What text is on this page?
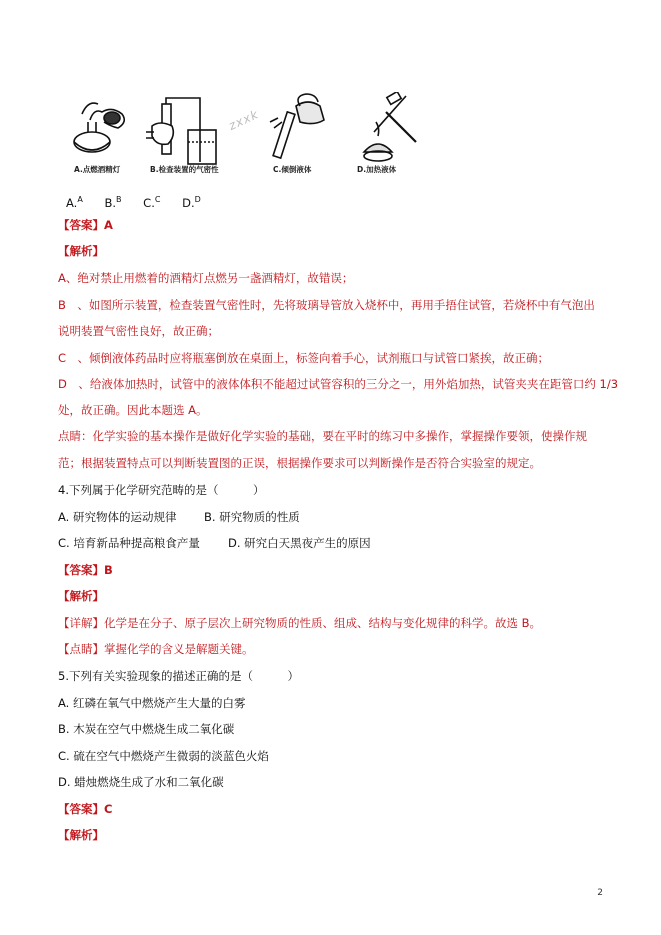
zxxk
A.点燃酒精灯	B.检查装置的气密性	C.倾倒液体	D.加热液体
A.$^A$ B.$^B$ C.$^C$ D.$^D$
【答案】A
【解析】
A、绝对禁止用燃着的酒精灯点燃另一盏酒精灯，故错误；
B　、如图所示装置，检查装置气密性时，先将玻璃导管放入烧杯中，再用手捂住试管，若烧杯中有气泡出
说明装置气密性良好，故正确；
C　、倾倒液体药品时应将瓶塞倒放在桌面上，标签向着手心，试剂瓶口与试管口紧挨，故正确；
D　、给液体加热时，试管中的液体体积不能超过试管容积的三分之一，用外焰加热，试管夹夹在距管口约 1/3
处，故正确。因此本题选 A。
点睛：化学实验的基本操作是做好化学实验的基础，要在平时的练习中多操作，掌握操作要领，使操作规
范；根据装置特点可以判断装置图的正误，根据操作要求可以判断操作是否符合实验室的规定。
4.下列属于化学研究范畴的是（　　　）
A. 研究物体的运动规律 B. 研究物质的性质
C. 培育新品种提高粮食产量 D. 研究白天黑夜产生的原因
【答案】B
【解析】
【详解】化学是在分子、原子层次上研究物质的性质、组成、结构与变化规律的科学。故选 B。
【点睛】掌握化学的含义是解题关键。
5.下列有关实验现象的描述正确的是（　　　）
A. 红磷在氧气中燃烧产生大量的白雾
B. 木炭在空气中燃烧生成二氧化碳
C. 硫在空气中燃烧产生微弱的淡蓝色火焰
D. 蜡烛燃烧生成了水和二氧化碳
【答案】C
【解析】
2
